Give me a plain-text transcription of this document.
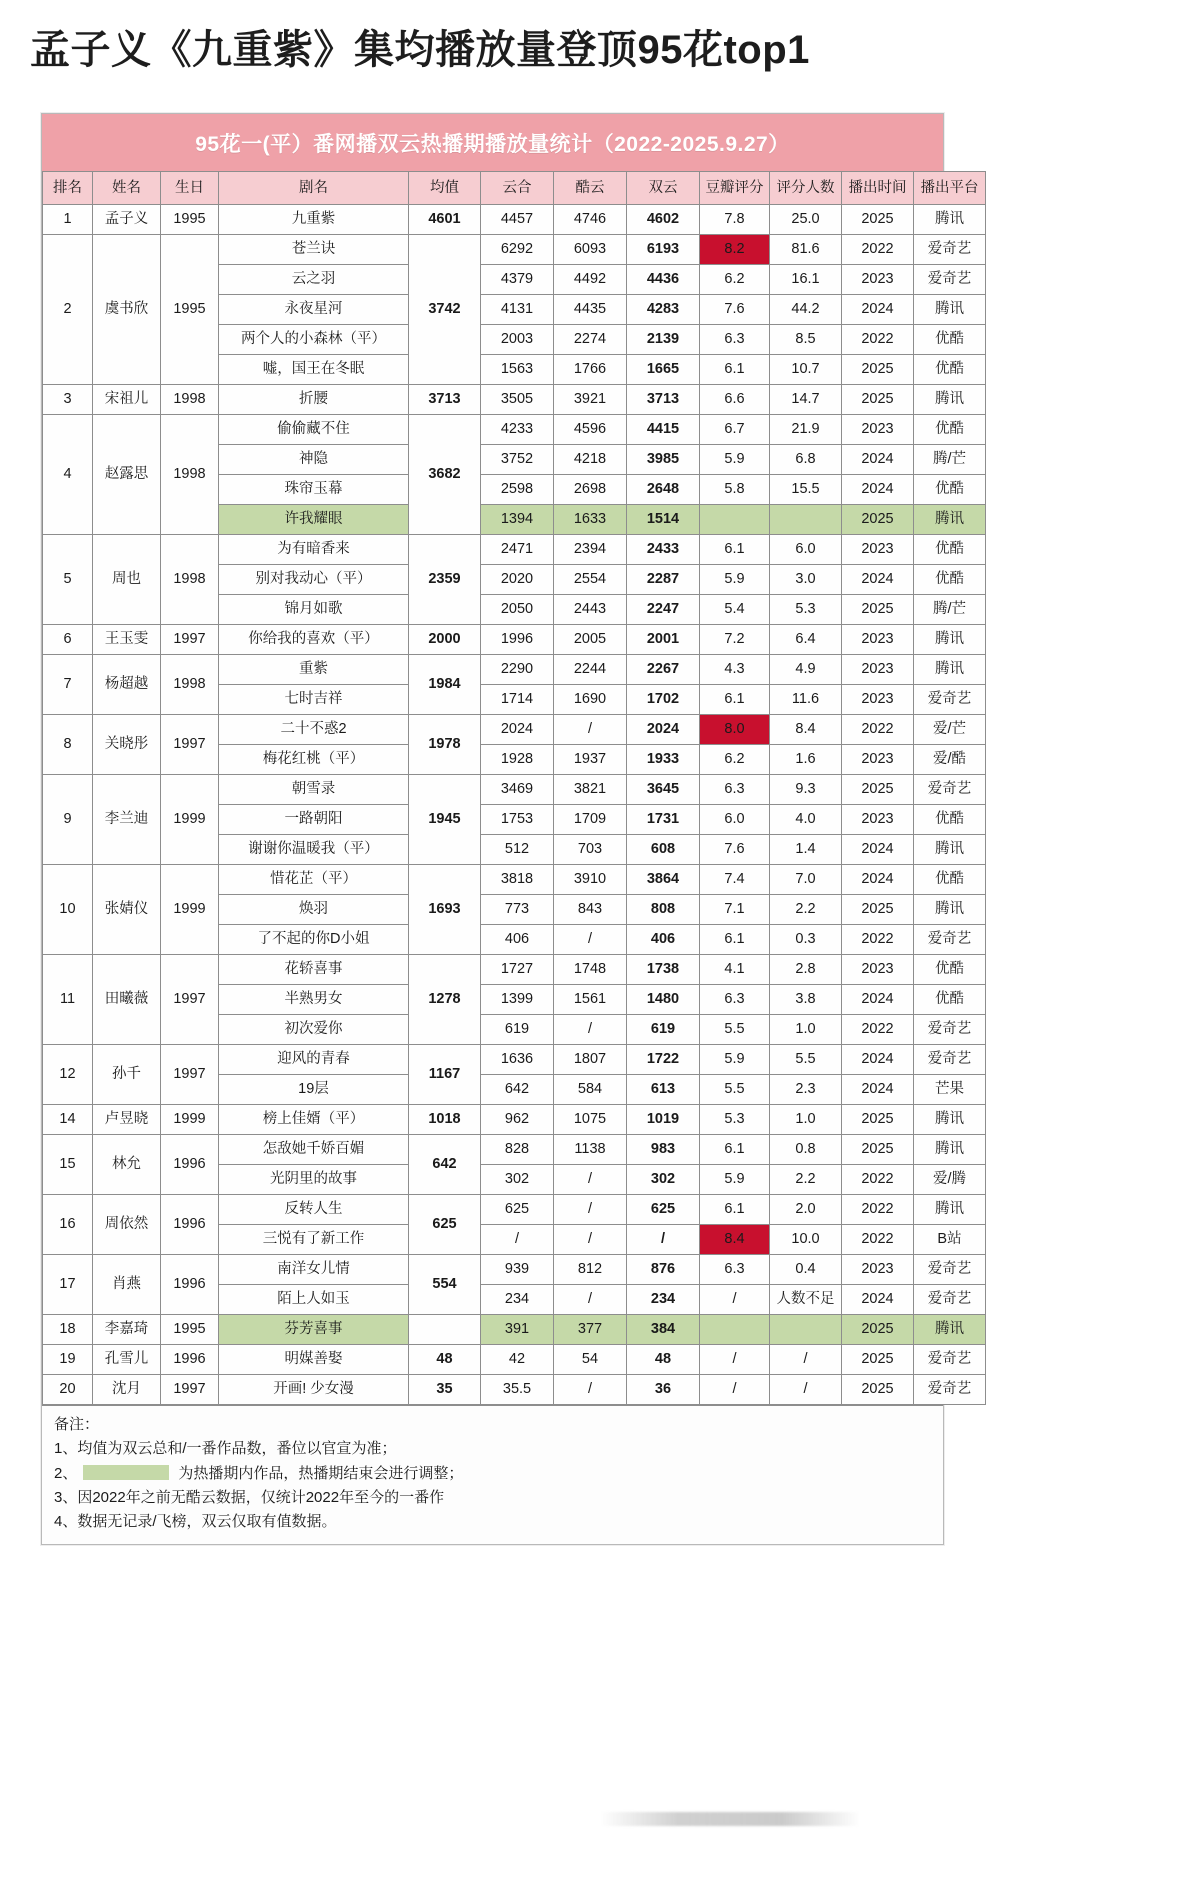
孟子义《九重紫》集均播放量登顶95花top1
95花一(平）番网播双云热播期播放量统计（2022-2025.9.27）
排名	姓名	生日	剧名	均值	云合	酷云	双云	豆瓣评分	评分人数	播出时间	播出平台
1	孟子义	1995	九重紫	4601	4457	4746	4602	7.8	25.0	2025	腾讯
2	虞书欣	1995	苍兰诀	3742	6292	6093	6193	8.2	81.6	2022	爱奇艺
			云之羽		4379	4492	4436	6.2	16.1	2023	爱奇艺
			永夜星河		4131	4435	4283	7.6	44.2	2024	腾讯
			两个人的小森林（平）		2003	2274	2139	6.3	8.5	2022	优酷
			嘘，国王在冬眠		1563	1766	1665	6.1	10.7	2025	优酷
3	宋祖儿	1998	折腰	3713	3505	3921	3713	6.6	14.7	2025	腾讯
4	赵露思	1998	偷偷藏不住	3682	4233	4596	4415	6.7	21.9	2023	优酷
			神隐		3752	4218	3985	5.9	6.8	2024	腾/芒
			珠帘玉幕		2598	2698	2648	5.8	15.5	2024	优酷
			许我耀眼		1394	1633	1514			2025	腾讯
5	周也	1998	为有暗香来	2359	2471	2394	2433	6.1	6.0	2023	优酷
			别对我动心（平）		2020	2554	2287	5.9	3.0	2024	优酷
			锦月如歌		2050	2443	2247	5.4	5.3	2025	腾/芒
6	王玉雯	1997	你给我的喜欢（平）	2000	1996	2005	2001	7.2	6.4	2023	腾讯
7	杨超越	1998	重紫	1984	2290	2244	2267	4.3	4.9	2023	腾讯
			七时吉祥		1714	1690	1702	6.1	11.6	2023	爱奇艺
8	关晓彤	1997	二十不惑2	1978	2024	/	2024	8.0	8.4	2022	爱/芒
			梅花红桃（平）		1928	1937	1933	6.2	1.6	2023	爱/酷
9	李兰迪	1999	朝雪录	1945	3469	3821	3645	6.3	9.3	2025	爱奇艺
			一路朝阳		1753	1709	1731	6.0	4.0	2023	优酷
			谢谢你温暖我（平）		512	703	608	7.6	1.4	2024	腾讯
10	张婧仪	1999	惜花芷（平）	1693	3818	3910	3864	7.4	7.0	2024	优酷
			焕羽		773	843	808	7.1	2.2	2025	腾讯
			了不起的你D小姐		406	/	406	6.1	0.3	2022	爱奇艺
11	田曦薇	1997	花轿喜事	1278	1727	1748	1738	4.1	2.8	2023	优酷
			半熟男女		1399	1561	1480	6.3	3.8	2024	优酷
			初次爱你		619	/	619	5.5	1.0	2022	爱奇艺
12	孙千	1997	迎风的青春	1167	1636	1807	1722	5.9	5.5	2024	爱奇艺
			19层		642	584	613	5.5	2.3	2024	芒果
14	卢昱晓	1999	榜上佳婿（平）	1018	962	1075	1019	5.3	1.0	2025	腾讯
15	林允	1996	怎敌她千娇百媚	642	828	1138	983	6.1	0.8	2025	腾讯
			光阴里的故事		302	/	302	5.9	2.2	2022	爱/腾
16	周依然	1996	反转人生	625	625	/	625	6.1	2.0	2022	腾讯
			三悦有了新工作		/	/	/	8.4	10.0	2022	B站
17	肖燕	1996	南洋女儿情	554	939	812	876	6.3	0.4	2023	爱奇艺
			陌上人如玉		234	/	234	/	人数不足	2024	爱奇艺
18	李嘉琦	1995	芬芳喜事		391	377	384			2025	腾讯
19	孔雪儿	1996	明媒善娶	48	42	54	48	/	/	2025	爱奇艺
20	沈月	1997	开画! 少女漫	35	35.5	/	36	/	/	2025	爱奇艺
备注：
1、均值为双云总和/一番作品数，番位以官宣为准；
2、	为热播期内作品，热播期结束会进行调整；
3、因2022年之前无酷云数据，仅统计2022年至今的一番作
4、数据无记录/飞榜，双云仅取有值数据。
